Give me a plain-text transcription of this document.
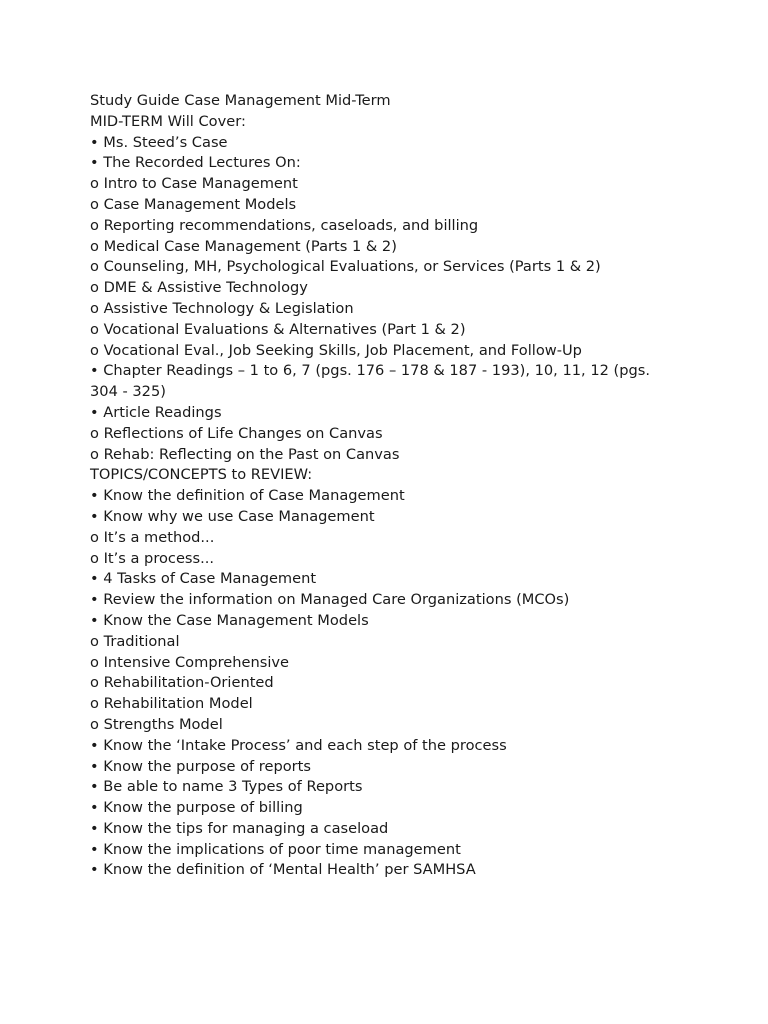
Study Guide Case Management Mid-Term
MID-TERM Will Cover:
• Ms. Steed’s Case
• The Recorded Lectures On:
o Intro to Case Management
o Case Management Models
o Reporting recommendations, caseloads, and billing
o Medical Case Management (Parts 1 & 2)
o Counseling, MH, Psychological Evaluations, or Services (Parts 1 & 2)
o DME & Assistive Technology
o Assistive Technology & Legislation
o Vocational Evaluations & Alternatives (Part 1 & 2)
o Vocational Eval., Job Seeking Skills, Job Placement, and Follow-Up
• Chapter Readings – 1 to 6, 7 (pgs. 176 – 178 & 187 - 193), 10, 11, 12 (pgs.
304 - 325)
• Article Readings
o Reflections of Life Changes on Canvas
o Rehab: Reflecting on the Past on Canvas
TOPICS/CONCEPTS to REVIEW:
• Know the definition of Case Management
• Know why we use Case Management
o It’s a method...
o It’s a process...
• 4 Tasks of Case Management
• Review the information on Managed Care Organizations (MCOs)
• Know the Case Management Models
o Traditional
o Intensive Comprehensive
o Rehabilitation-Oriented
o Rehabilitation Model
o Strengths Model
• Know the ‘Intake Process’ and each step of the process
• Know the purpose of reports
• Be able to name 3 Types of Reports
• Know the purpose of billing
• Know the tips for managing a caseload
• Know the implications of poor time management
• Know the definition of ‘Mental Health’ per SAMHSA
